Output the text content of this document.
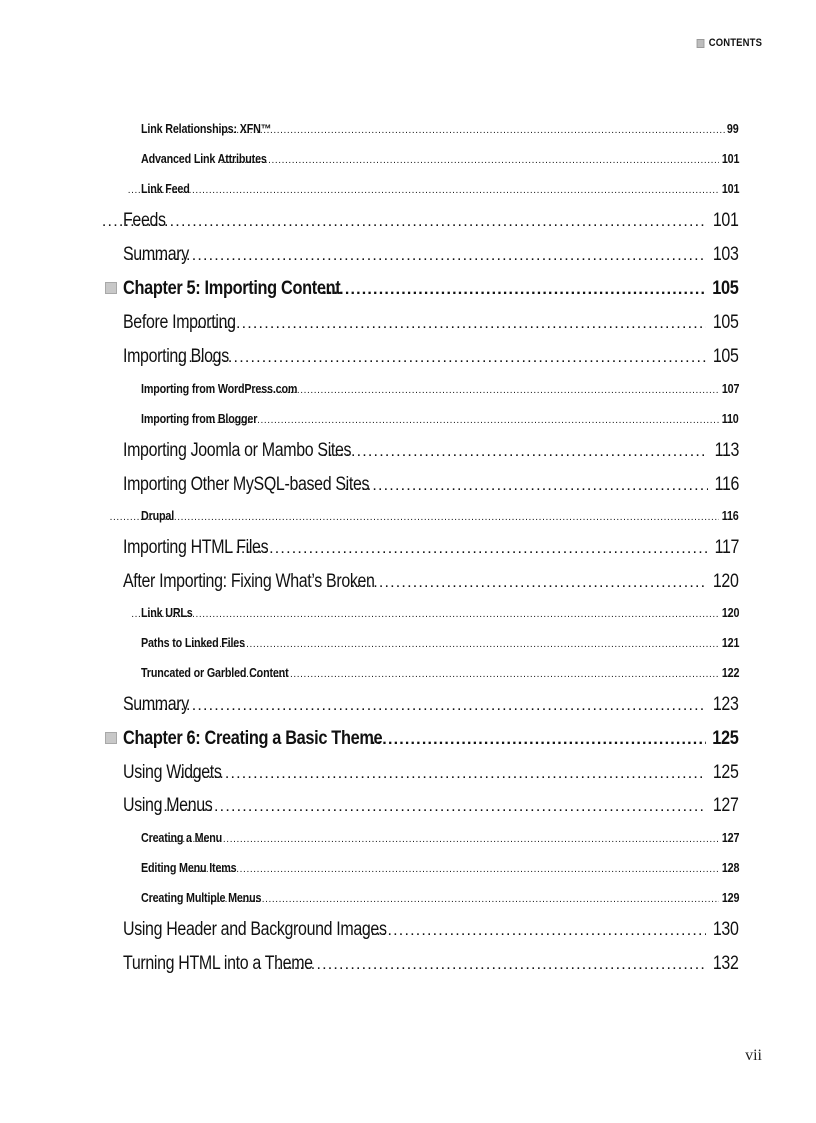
CONTENTS
Link Relationships: XFN™ .....	99
Advanced Link Attributes .....	101
Link Feed .....	101
Feeds .....	101
Summary .....	103
Chapter 5: Importing Content .....	105
Before Importing .....	105
Importing Blogs .....	105
Importing from WordPress.com .....	107
Importing from Blogger .....	110
Importing Joomla or Mambo Sites .....	113
Importing Other MySQL-based Sites .....	116
Drupal .....	116
Importing HTML Files .....	117
After Importing: Fixing What’s Broken .....	120
Link URLs .....	120
Paths to Linked Files .....	121
Truncated or Garbled Content .....	122
Summary .....	123
Chapter 6: Creating a Basic Theme .....	125
Using Widgets .....	125
Using Menus .....	127
Creating a Menu .....	127
Editing Menu Items .....	128
Creating Multiple Menus .....	129
Using Header and Background Images .....	130
Turning HTML into a Theme .....	132
vii
